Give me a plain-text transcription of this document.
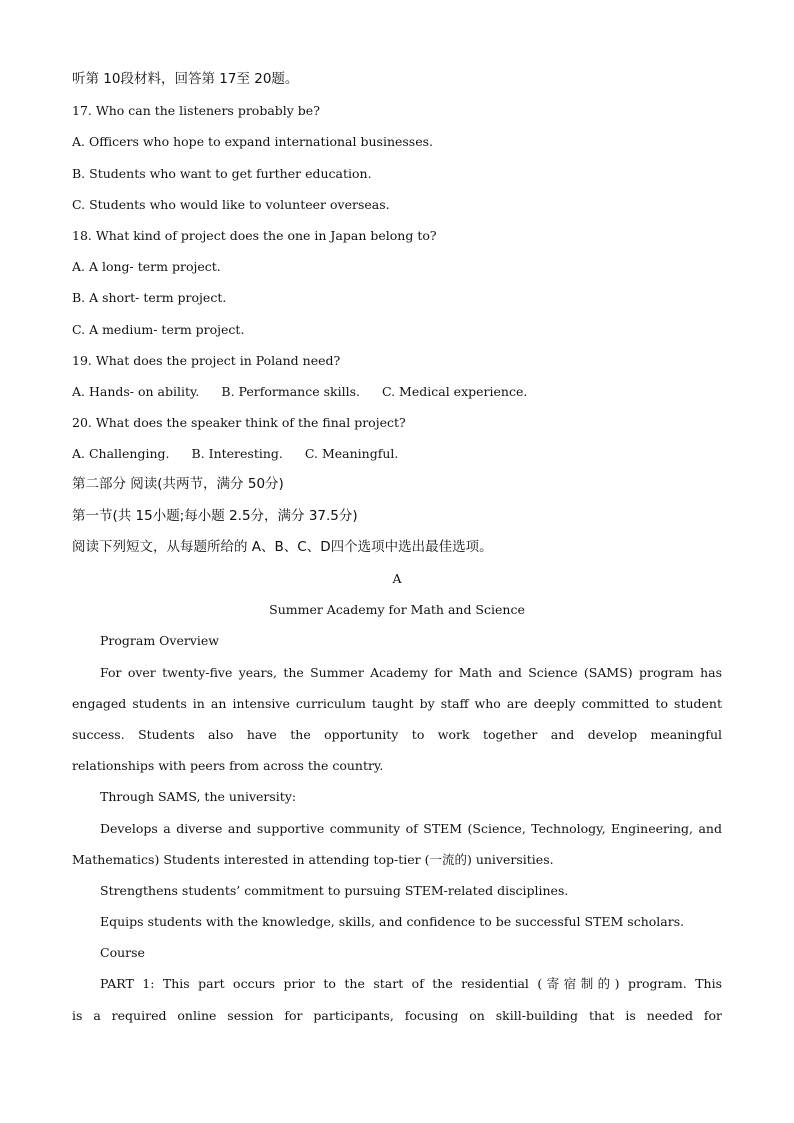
听第 10段材料，回答第 17至 20题。
17. Who can the listeners probably be?
A. Officers who hope to expand international businesses.
B. Students who want to get further education.
C. Students who would like to volunteer overseas.
18. What kind of project does the one in Japan belong to?
A. A long- term project.
B. A short- term project.
C. A medium- term project.
19. What does the project in Poland need?
A. Hands- on ability. B. Performance skills. C. Medical experience.
20. What does the speaker think of the final project?
A. Challenging. B. Interesting. C. Meaningful.
第二部分 阅读(共两节，满分 50分)
第一节(共 15小题;每小题 2.5分，满分 37.5分)
阅读下列短文，从每题所给的 A、B、C、D四个选项中选出最佳选项。
A
Summer Academy for Math and Science
Program Overview
For over twenty-five years, the Summer Academy for Math and Science (SAMS) program has
engaged students in an intensive curriculum taught by staff who are deeply committed to student
success. Students also have the opportunity to work together and develop meaningful
relationships with peers from across the country.
Through SAMS, the university:
Develops a diverse and supportive community of STEM (Science, Technology, Engineering, and
Mathematics) Students interested in attending top-tier (一流的) universities.
Strengthens students’ commitment to pursuing STEM-related disciplines.
Equips students with the knowledge, skills, and confidence to be successful STEM scholars.
Course
PART 1: This part occurs prior to the start of the residential (寄宿制的) program. This
is a required online session for participants, focusing on skill-building that is needed for
